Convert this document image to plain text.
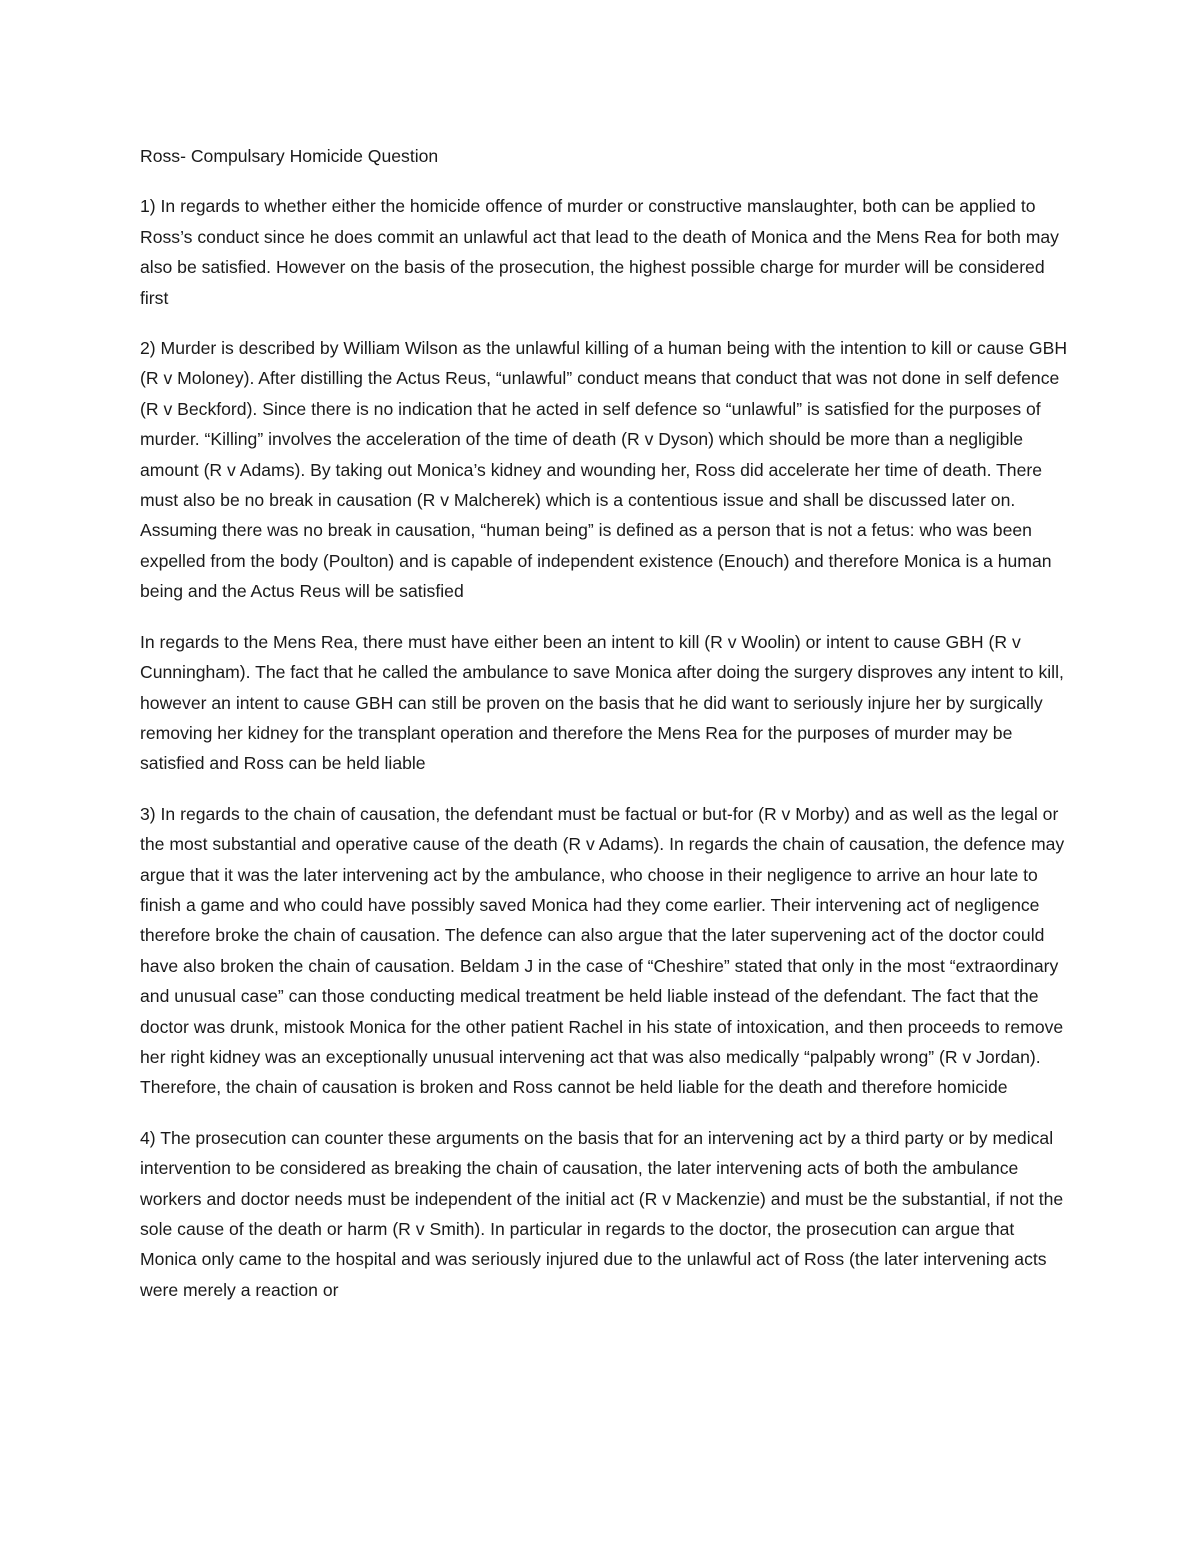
Ross- Compulsary Homicide Question

1) In regards to whether either the homicide offence of murder or constructive manslaughter, both can be applied to Ross’s conduct since he does commit an unlawful act that lead to the death of Monica and the Mens Rea for both may also be satisfied. However on the basis of the prosecution, the highest possible charge for murder will be considered first

2) Murder is described by William Wilson as the unlawful killing of a human being with the intention to kill or cause GBH (R v Moloney). After distilling the Actus Reus, “unlawful” conduct means that conduct that was not done in self defence (R v Beckford). Since there is no indication that he acted in self defence so “unlawful” is satisfied for the purposes of murder. “Killing” involves the acceleration of the time of death (R v Dyson) which should be more than a negligible amount (R v Adams). By taking out Monica’s kidney and wounding her, Ross did accelerate her time of death. There must also be no break in causation (R v Malcherek) which is a contentious issue and shall be discussed later on. Assuming there was no break in causation, “human being” is defined as a person that is not a fetus: who was been expelled from the body (Poulton) and is capable of independent existence (Enouch) and therefore Monica is a human being and the Actus Reus will be satisfied

In regards to the Mens Rea, there must have either been an intent to kill (R v Woolin) or intent to cause GBH (R v Cunningham). The fact that he called the ambulance to save Monica after doing the surgery disproves any intent to kill, however an intent to cause GBH can still be proven on the basis that he did want to seriously injure her by surgically removing her kidney for the transplant operation and therefore the Mens Rea for the purposes of murder may be satisfied and Ross can be held liable

3) In regards to the chain of causation, the defendant must be factual or but-for (R v Morby) and as well as the legal or the most substantial and operative cause of the death (R v Adams). In regards the chain of causation, the defence may argue that it was the later intervening act by the ambulance, who choose in their negligence to arrive an hour late to finish a game and who could have possibly saved Monica had they come earlier. Their intervening act of negligence therefore broke the chain of causation. The defence can also argue that the later supervening act of the doctor could have also broken the chain of causation. Beldam J in the case of “Cheshire” stated that only in the most “extraordinary and unusual case” can those conducting medical treatment be held liable instead of the defendant. The fact that the doctor was drunk, mistook Monica for the other patient Rachel in his state of intoxication, and then proceeds to remove her right kidney was an exceptionally unusual intervening act that was also medically “palpably wrong” (R v Jordan). Therefore, the chain of causation is broken and Ross cannot be held liable for the death and therefore homicide

4) The prosecution can counter these arguments on the basis that for an intervening act by a third party or by medical intervention to be considered as breaking the chain of causation, the later intervening acts of both the ambulance workers and doctor needs must be independent of the initial act (R v Mackenzie) and must be the substantial, if not the sole cause of the death or harm (R v Smith). In particular in regards to the doctor, the prosecution can argue that Monica only came to the hospital and was seriously injured due to the unlawful act of Ross (the later intervening acts were merely a reaction or
